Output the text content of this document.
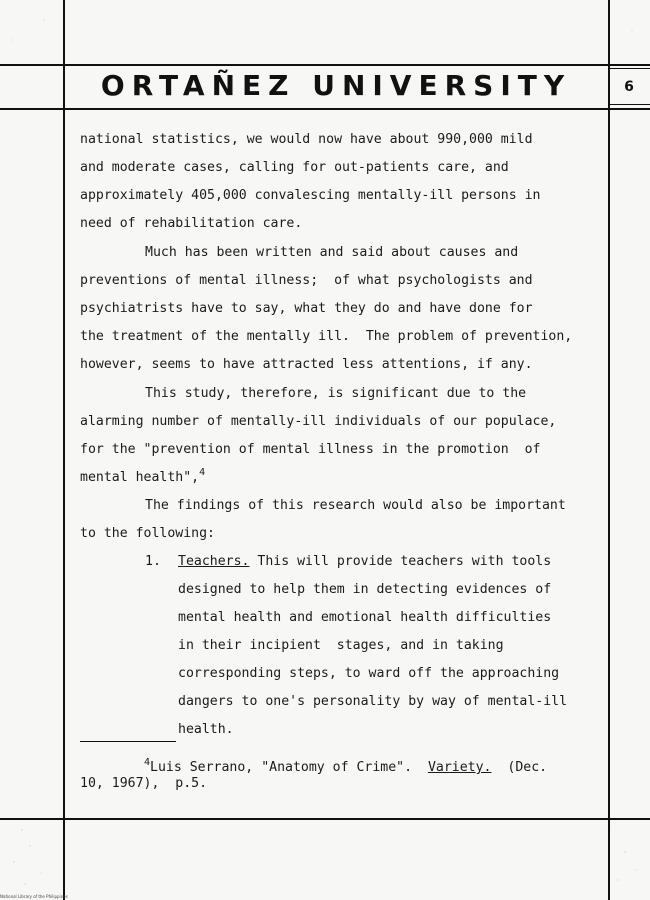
ORTAÑEZ UNIVERSITY	6
national statistics, we would now have about 990,000 mild
and moderate cases, calling for out-patients care, and
approximately 405,000 convalescing mentally-ill persons in
need of rehabilitation care.
Much has been written and said about causes and
preventions of mental illness;  of what psychologists and
psychiatrists have to say, what they do and have done for
the treatment of the mentally ill.  The problem of prevention,
however, seems to have attracted less attentions, if any.
This study, therefore, is significant due to the
alarming number of mentally-ill individuals of our populace,
for the "prevention of mental illness in the promotion  of
mental health",$^4$
The findings of this research would also be important
to the following:
1. Teachers. This will provide teachers with tools
designed to help them in detecting evidences of
mental health and emotional health difficulties
in their incipient  stages, and in taking
corresponding steps, to ward off the approaching
dangers to one's personality by way of mental-ill
health.
$^4$Luis Serrano, "Anatomy of Crime". Variety. (Dec.
10, 1967),  p.5.
National Library of the Philippines
